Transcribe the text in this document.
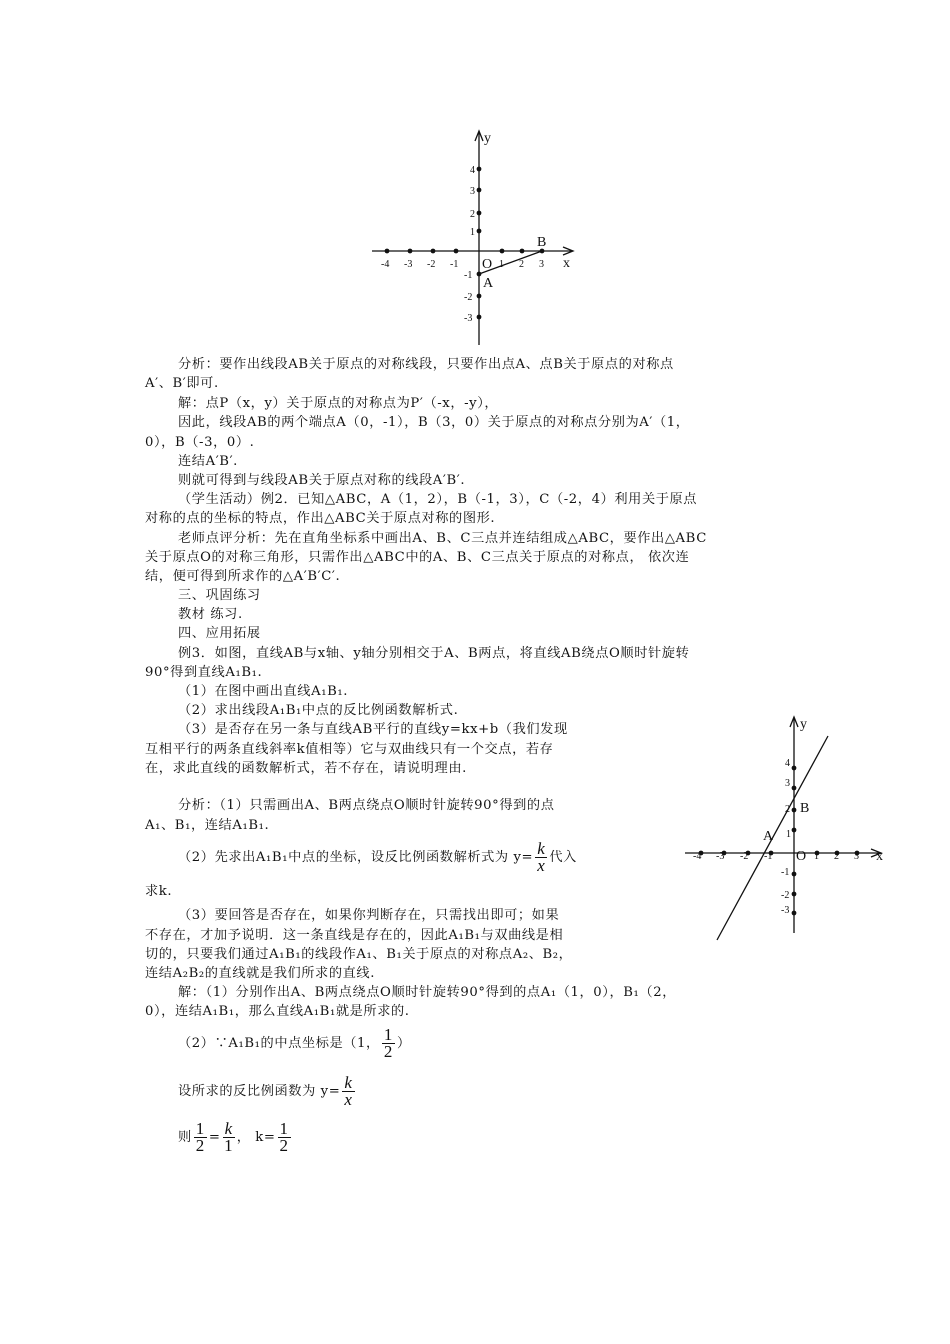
-4 -3 -2 -1	1 2 3
4
3
2
1
-1
-2
-3
y
x
O
A
B
分析：要作出线段AB关于原点的对称线段，只要作出点A、点B关于原点的对称点
A′、B′即可.
解：点P（x，y）关于原点的对称点为P′（-x，-y），
因此，线段AB的两个端点A（0，-1），B（3，0）关于原点的对称点分别为A′（1，
0），B（-3，0）.
连结A′B′.
则就可得到与线段AB关于原点对称的线段A′B′.
（学生活动）例2．已知△ABC，A（1，2），B（-1，3），C（-2，4）利用关于原点
对称的点的坐标的特点，作出△ABC关于原点对称的图形.
老师点评分析：先在直角坐标系中画出A、B、C三点并连结组成△ABC，要作出△ABC
关于原点O的对称三角形，只需作出△ABC中的A、B、C三点关于原点的对称点， 依次连
结，便可得到所求作的△A′B′C′.
三、巩固练习
教材 练习.
四、应用拓展
例3．如图，直线AB与x轴、y轴分别相交于A、B两点，将直线AB绕点O顺时针旋转
90°得到直线A₁B₁.
（1）在图中画出直线A₁B₁.
（2）求出线段A₁B₁中点的反比例函数解析式.
（3）是否存在另一条与直线AB平行的直线y=kx+b（我们发现
互相平行的两条直线斜率k值相等）它与双曲线只有一个交点，若存
在，求此直线的函数解析式，若不存在，请说明理由.
分析：（1）只需画出A、B两点绕点O顺时针旋转90°得到的点
A₁、B₁，连结A₁B₁.
（2）先求出A₁B₁中点的坐标，设反比例函数解析式为 $y= \frac{k}{x}$ 代入
求k.
（3）要回答是否存在，如果你判断存在，只需找出即可；如果
不存在，才加予说明．这一条直线是存在的，因此A₁B₁与双曲线是相
切的，只要我们通过A₁B₁的线段作A₁、B₁关于原点的对称点A₂、B₂，
连结A₂B₂的直线就是我们所求的直线.
解：（1）分别作出A、B两点绕点O顺时针旋转90°得到的点A₁（1，0），B₁（2，
0），连结A₁B₁，那么直线A₁B₁就是所求的.
（2）∵A₁B₁的中点坐标是（1， $\frac{1}{2}$ ）
设所求的反比例函数为 $y= \frac{k}{x}$
则 $\frac{1}{2} = \frac{k}{1}$ ， $k= \frac{1}{2}$
-4 -3 -2 -1	1 2 3
4
3
2
1
-1
-2
-3
y
x
O
A
B
